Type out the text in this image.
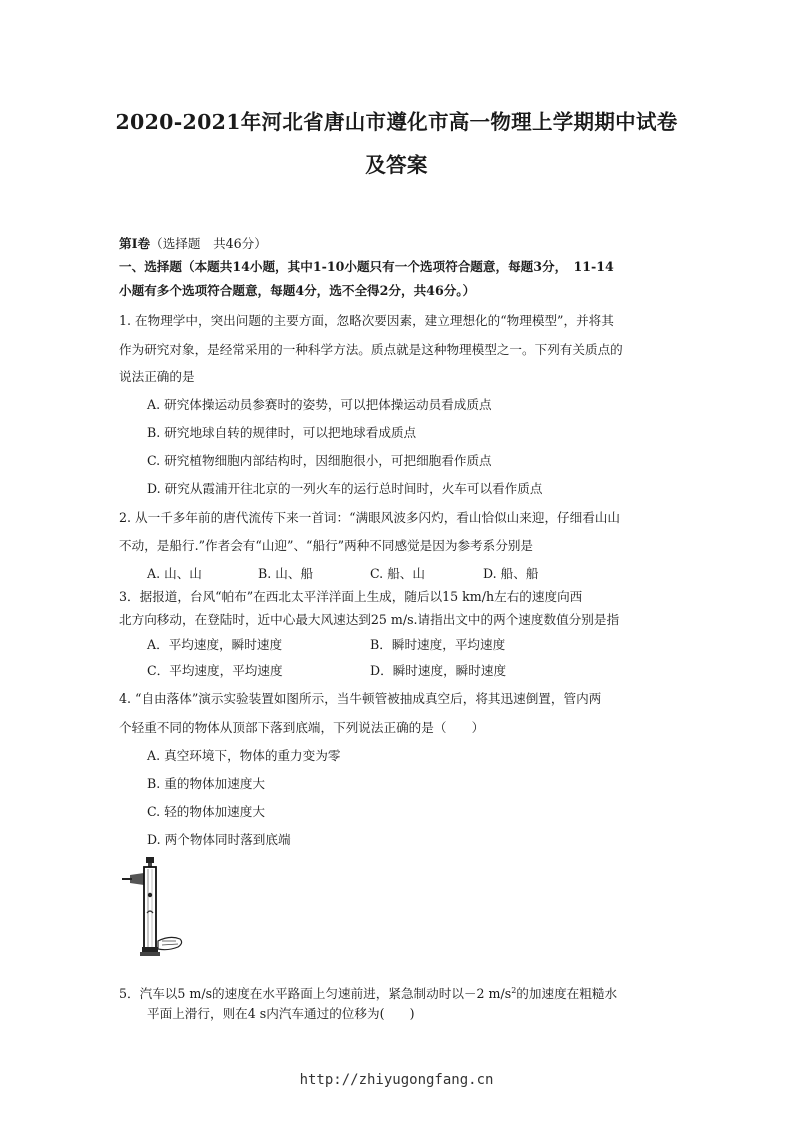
2020-2021年河北省唐山市遵化市高一物理上学期期中试卷
及答案
第Ⅰ卷（选择题　共46分）
一、选择题（本题共14小题，其中1-10小题只有一个选项符合题意，每题3分，　11-14
小题有多个选项符合题意，每题4分，选不全得2分，共46分。）
1. 在物理学中，突出问题的主要方面，忽略次要因素，建立理想化的“物理模型”，并将其
作为研究对象，是经常采用的一种科学方法。质点就是这种物理模型之一。下列有关质点的
说法正确的是
A. 研究体操运动员参赛时的姿势，可以把体操运动员看成质点
B. 研究地球自转的规律时，可以把地球看成质点
C. 研究植物细胞内部结构时，因细胞很小，可把细胞看作质点
D. 研究从霞浦开往北京的一列火车的运行总时间时，火车可以看作质点
2. 从一千多年前的唐代流传下来一首词：“满眼风波多闪灼，看山恰似山来迎，仔细看山山
不动，是船行.”作者会有“山迎”、“船行”两种不同感觉是因为参考系分别是
A. 山、山	B. 山、船	C. 船、山	D. 船、船
3．据报道，台风“帕布”在西北太平洋洋面上生成，随后以15 km/h左右的速度向西
北方向移动，在登陆时，近中心最大风速达到25 m/s.请指出文中的两个速度数值分别是指
A．平均速度，瞬时速度	B．瞬时速度，平均速度
C．平均速度，平均速度	D．瞬时速度，瞬时速度
4. “自由落体”演示实验装置如图所示，当牛顿管被抽成真空后，将其迅速倒置，管内两
个轻重不同的物体从顶部下落到底端，下列说法正确的是（　　）
A. 真空环境下，物体的重力变为零
B. 重的物体加速度大
C. 轻的物体加速度大
D. 两个物体同时落到底端
5．汽车以5 m/s的速度在水平路面上匀速前进，紧急制动时以－2 $m/s^2$的加速度在粗糙水
平面上滑行，则在4 s内汽车通过的位移为(　　)
http://zhiyugongfang.cn
